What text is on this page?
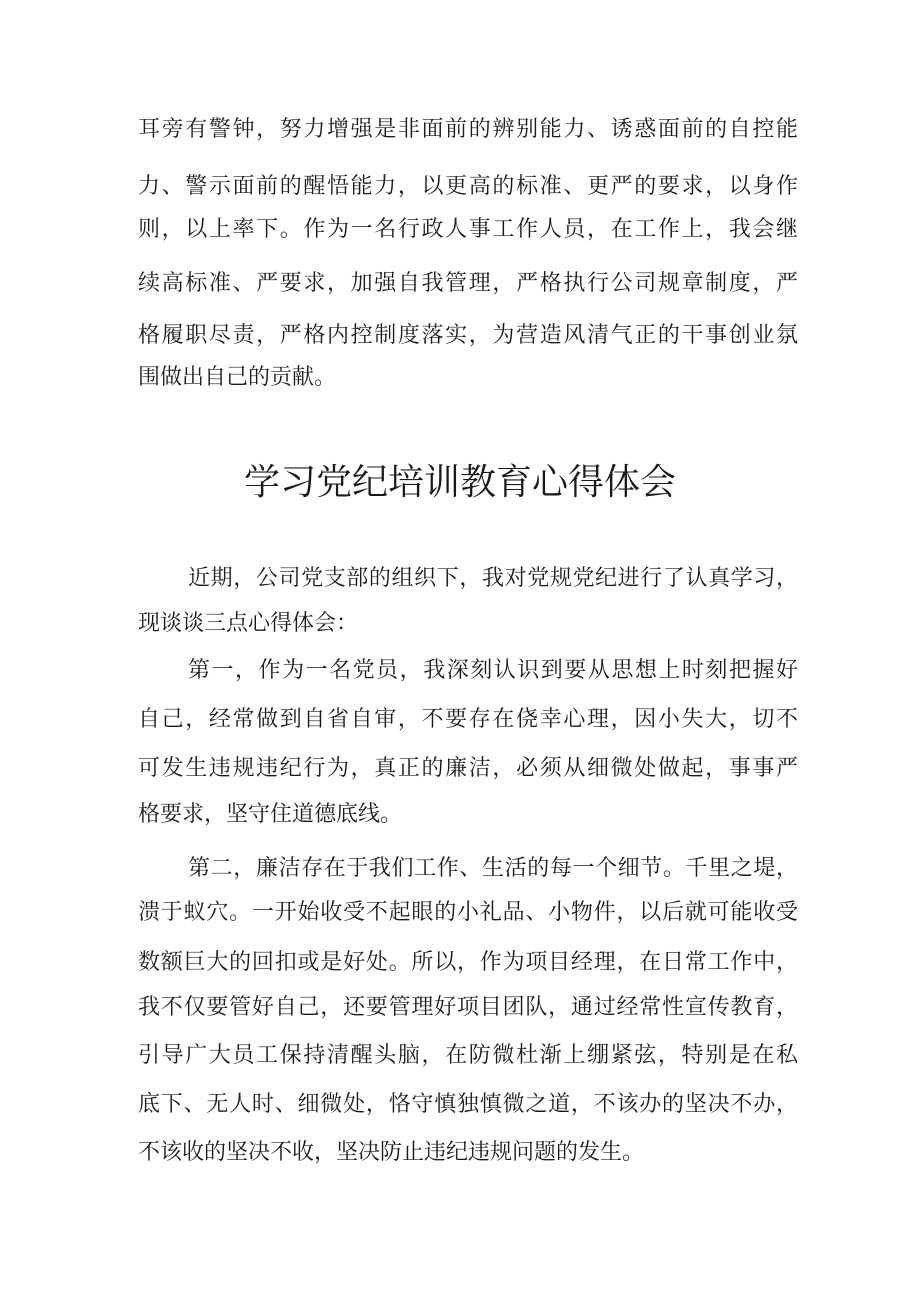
耳旁有警钟，努力增强是非面前的辨别能力、诱惑面前的自控能
力、警示面前的醒悟能力，以更高的标准、更严的要求，以身作
则，以上率下。作为一名行政人事工作人员，在工作上，我会继
续高标准、严要求，加强自我管理，严格执行公司规章制度，严
格履职尽责，严格内控制度落实，为营造风清气正的干事创业氛
围做出自己的贡献。
学习党纪培训教育心得体会
近期，公司党支部的组织下，我对党规党纪进行了认真学习，
现谈谈三点心得体会：
第一，作为一名党员，我深刻认识到要从思想上时刻把握好
自己，经常做到自省自审，不要存在侥幸心理，因小失大，切不
可发生违规违纪行为，真正的廉洁，必须从细微处做起，事事严
格要求，坚守住道德底线。
第二，廉洁存在于我们工作、生活的每一个细节。千里之堤，
溃于蚁穴。一开始收受不起眼的小礼品、小物件，以后就可能收受
数额巨大的回扣或是好处。所以，作为项目经理，在日常工作中，
我不仅要管好自己，还要管理好项目团队，通过经常性宣传教育，
引导广大员工保持清醒头脑，在防微杜渐上绷紧弦，特别是在私
底下、无人时、细微处，恪守慎独慎微之道，不该办的坚决不办，
不该收的坚决不收，坚决防止违纪违规问题的发生。
